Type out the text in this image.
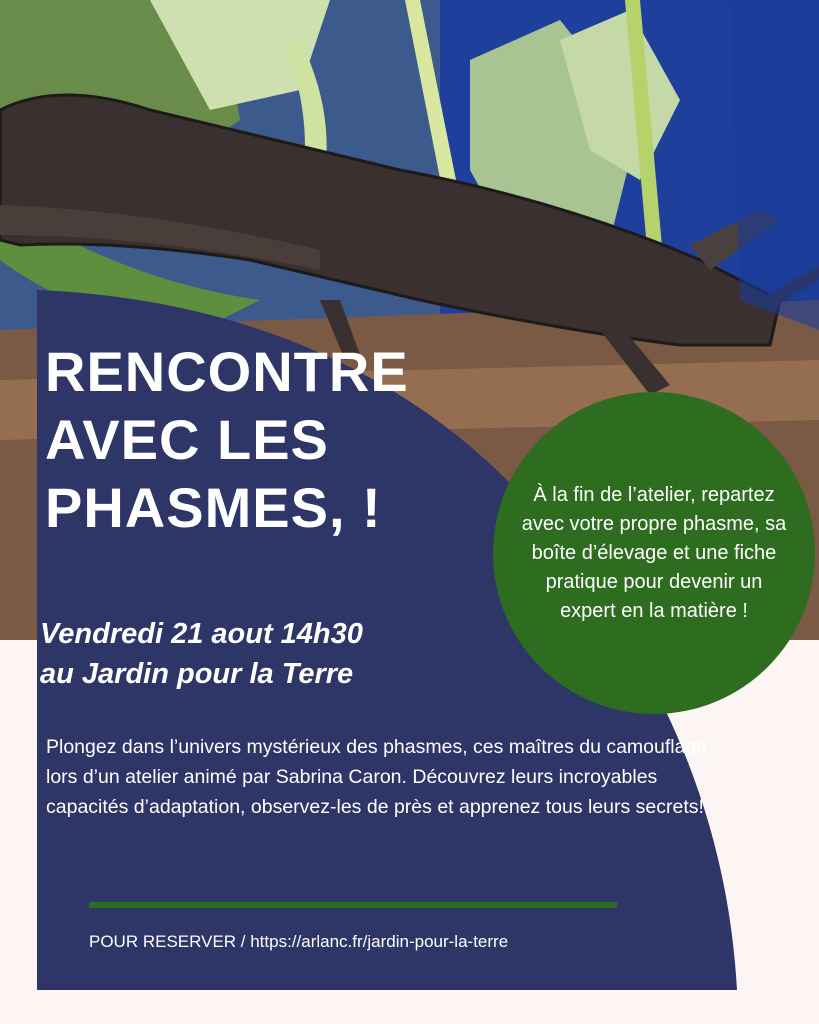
RENCONTRE
AVEC LES
PHASMES, !
Vendredi 21 aout 14h30
au Jardin pour la Terre

À la fin de l’atelier, repartez avec votre propre phasme, sa boîte d’élevage et une fiche pratique pour devenir un expert en la matière !

Plongez dans l’univers mystérieux des phasmes, ces maîtres du camouflage, lors d’un atelier animé par Sabrina Caron. Découvrez leurs incroyables capacités d’adaptation, observez-les de près et apprenez tous leurs secrets!.

POUR RESERVER / https://arlanc.fr/jardin-pour-la-terre
